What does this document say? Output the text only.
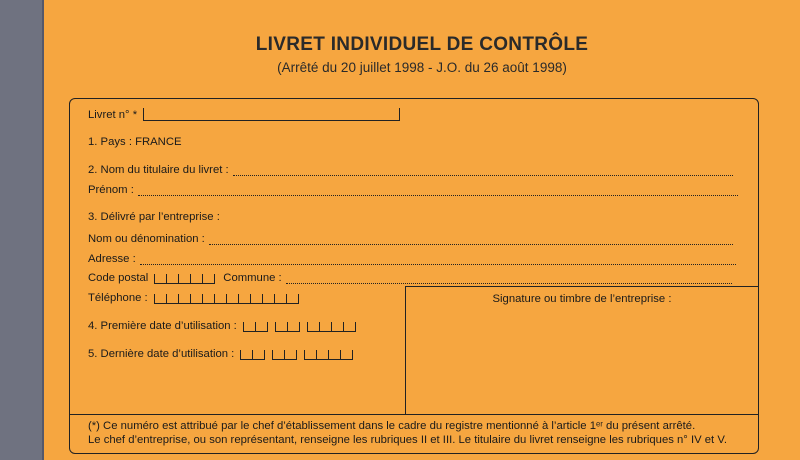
LIVRET INDIVIDUEL DE CONTRÔLE
(Arrêté du 20 juillet 1998 - J.O. du 26 août 1998)
Livret n° *
1. Pays : FRANCE
2. Nom du titulaire du livret :
Prénom :
3. Délivré par l’entreprise :
Nom ou dénomination :
Adresse :
Code postal	Commune :
Téléphone :
4. Première date d’utilisation :
5. Dernière date d’utilisation :
Signature ou timbre de l’entreprise :
(*) Ce numéro est attribué par le chef d’établissement dans le cadre du registre mentionné à l’article 1ᵉʳ du présent arrêté.
Le chef d’entreprise, ou son représentant, renseigne les rubriques II et III. Le titulaire du livret renseigne les rubriques n° IV et V.
